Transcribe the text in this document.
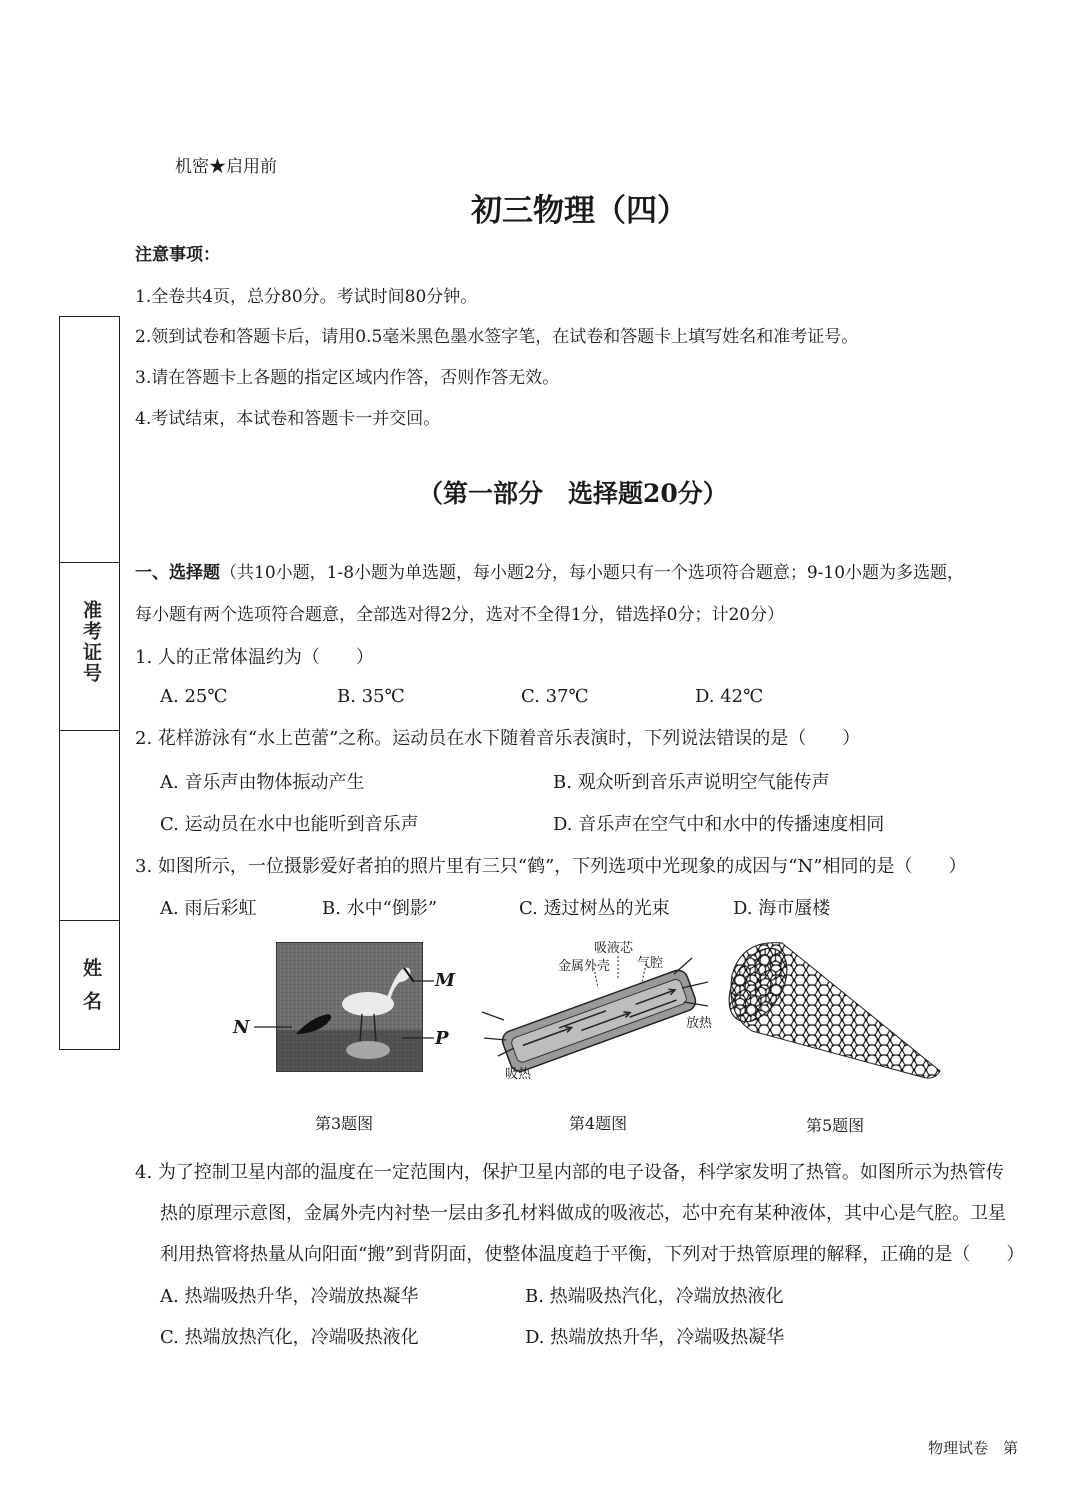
准考证号
姓名
机密★启用前
初三物理（四）
注意事项：
1.全卷共4页，总分80分。考试时间80分钟。
2.领到试卷和答题卡后，请用0.5毫米黑色墨水签字笔，在试卷和答题卡上填写姓名和准考证号。
3.请在答题卡上各题的指定区域内作答，否则作答无效。
4.考试结束，本试卷和答题卡一并交回。
（第一部分　选择题20分）
一、选择题（共10小题，1-8小题为单选题，每小题2分，每小题只有一个选项符合题意；9-10小题为多选题，
每小题有两个选项符合题意，全部选对得2分，选对不全得1分，错选择0分；计20分）
1. 人的正常体温约为（　　）
A. 25℃	B. 35℃	C. 37℃	D. 42℃
2. 花样游泳有“水上芭蕾”之称。运动员在水下随着音乐表演时，下列说法错误的是（　　）
A. 音乐声由物体振动产生	B. 观众听到音乐声说明空气能传声
C. 运动员在水中也能听到音乐声	D. 音乐声在空气中和水中的传播速度相同
3. 如图所示，一位摄影爱好者拍的照片里有三只“鹤”，下列选项中光现象的成因与“N”相同的是（　　）
A. 雨后彩虹	B. 水中“倒影”	C. 透过树丛的光束	D. 海市蜃楼
M
N
P
第3题图
吸液芯
金属外壳 气腔
放热
吸热
第4题图	第5题图
4. 为了控制卫星内部的温度在一定范围内，保护卫星内部的电子设备，科学家发明了热管。如图所示为热管传
热的原理示意图，金属外壳内衬垫一层由多孔材料做成的吸液芯，芯中充有某种液体，其中心是气腔。卫星
利用热管将热量从向阳面“搬”到背阴面，使整体温度趋于平衡，下列对于热管原理的解释，正确的是（　　）
A. 热端吸热升华，冷端放热凝华	B. 热端吸热汽化，冷端放热液化
C. 热端放热汽化，冷端吸热液化	D. 热端放热升华，冷端吸热凝华
物理试卷　第
